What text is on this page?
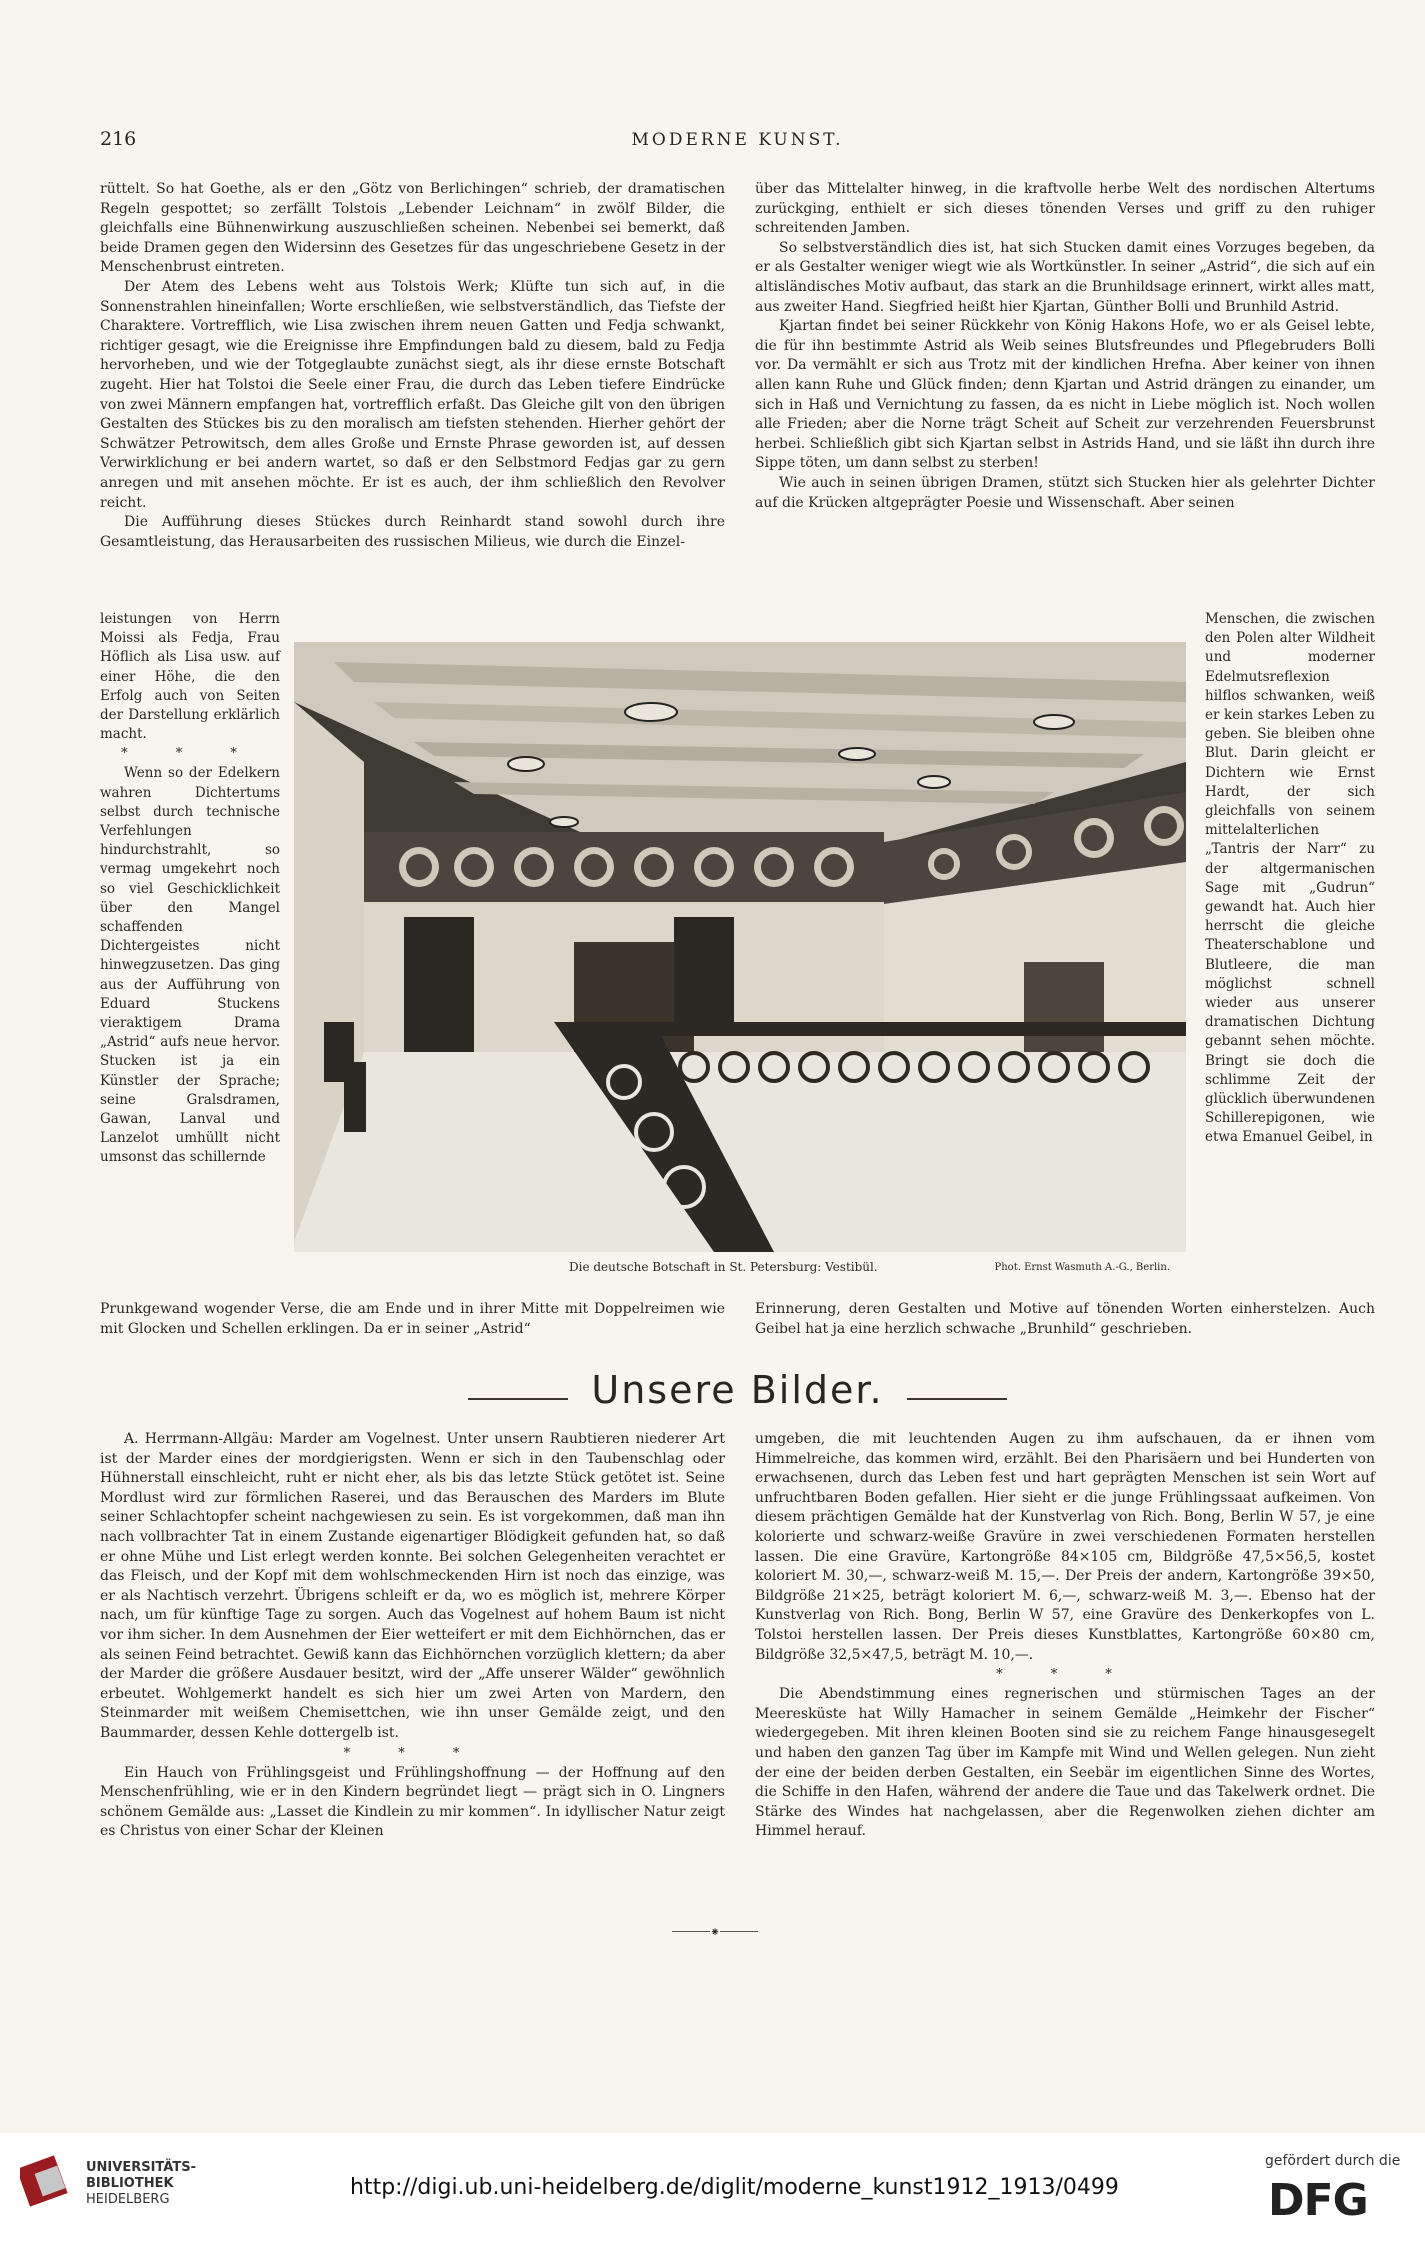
216	MODERNE KUNST.

rüttelt. So hat Goethe, als er den „Götz von Berlichingen“ schrieb, der dramatischen Regeln gespottet; so zerfällt Tolstois „Lebender Leichnam“ in zwölf Bilder, die gleichfalls eine Bühnenwirkung auszuschließen scheinen. Nebenbei sei bemerkt, daß beide Dramen gegen den Widersinn des Gesetzes für das ungeschriebene Gesetz in der Menschenbrust eintreten.

Der Atem des Lebens weht aus Tolstois Werk; Klüfte tun sich auf, in die Sonnenstrahlen hineinfallen; Worte erschließen, wie selbstverständlich, das Tiefste der Charaktere. Vortrefflich, wie Lisa zwischen ihrem neuen Gatten und Fedja schwankt, richtiger gesagt, wie die Ereignisse ihre Empfindungen bald zu diesem, bald zu Fedja hervorheben, und wie der Totgeglaubte zunächst siegt, als ihr diese ernste Botschaft zugeht. Hier hat Tolstoi die Seele einer Frau, die durch das Leben tiefere Eindrücke von zwei Männern empfangen hat, vortrefflich erfaßt. Das Gleiche gilt von den übrigen Gestalten des Stückes bis zu den moralisch am tiefsten stehenden. Hierher gehört der Schwätzer Petrowitsch, dem alles Große und Ernste Phrase geworden ist, auf dessen Verwirklichung er bei andern wartet, so daß er den Selbstmord Fedjas gar zu gern anregen und mit ansehen möchte. Er ist es auch, der ihm schließlich den Revolver reicht.

Die Aufführung dieses Stückes durch Reinhardt stand sowohl durch ihre Gesamtleistung, das Herausarbeiten des russischen Milieus, wie durch die Einzel-

über das Mittelalter hinweg, in die kraftvolle herbe Welt des nordischen Altertums zurückging, enthielt er sich dieses tönenden Verses und griff zu den ruhiger schreitenden Jamben.

So selbstverständlich dies ist, hat sich Stucken damit eines Vorzuges begeben, da er als Gestalter weniger wiegt wie als Wortkünstler. In seiner „Astrid“, die sich auf ein altisländisches Motiv aufbaut, das stark an die Brunhildsage erinnert, wirkt alles matt, aus zweiter Hand. Siegfried heißt hier Kjartan, Günther Bolli und Brunhild Astrid.

Kjartan findet bei seiner Rückkehr von König Hakons Hofe, wo er als Geisel lebte, die für ihn bestimmte Astrid als Weib seines Blutsfreundes und Pflegebruders Bolli vor. Da vermählt er sich aus Trotz mit der kindlichen Hrefna. Aber keiner von ihnen allen kann Ruhe und Glück finden; denn Kjartan und Astrid drängen zu einander, um sich in Haß und Vernichtung zu fassen, da es nicht in Liebe möglich ist. Noch wollen alle Frieden; aber die Norne trägt Scheit auf Scheit zur verzehrenden Feuersbrunst herbei. Schließlich gibt sich Kjartan selbst in Astrids Hand, und sie läßt ihn durch ihre Sippe töten, um dann selbst zu sterben!

Wie auch in seinen übrigen Dramen, stützt sich Stucken hier als gelehrter Dichter auf die Krücken altgeprägter Poesie und Wissenschaft. Aber seinen

leistungen von Herrn Moissi als Fedja, Frau Höflich als Lisa usw. auf einer Höhe, die den Erfolg auch von Seiten der Darstellung erklärlich macht.

* * *

Wenn so der Edelkern wahren Dichtertums selbst durch technische Verfehlungen hindurchstrahlt, so vermag umgekehrt noch so viel Geschicklichkeit über den Mangel schaffenden Dichtergeistes nicht hinwegzusetzen. Das ging aus der Aufführung von Eduard Stuckens vieraktigem Drama „Astrid“ aufs neue hervor. Stucken ist ja ein Künstler der Sprache; seine Gralsdramen, Gawan, Lanval und Lanzelot umhüllt nicht umsonst das schillernde

Menschen, die zwischen den Polen alter Wildheit und moderner Edelmutsreflexion hilflos schwanken, weiß er kein starkes Leben zu geben. Sie bleiben ohne Blut. Darin gleicht er Dichtern wie Ernst Hardt, der sich gleichfalls von seinem mittelalterlichen „Tantris der Narr“ zu der altgermanischen Sage mit „Gudrun“ gewandt hat. Auch hier herrscht die gleiche Theaterschablone und Blutleere, die man möglichst schnell wieder aus unserer dramatischen Dichtung gebannt sehen möchte. Bringt sie doch die schlimme Zeit der glücklich überwundenen Schillerepigonen, wie etwa Emanuel Geibel, in

Die deutsche Botschaft in St. Petersburg: Vestibül.	Phot. Ernst Wasmuth A.-G., Berlin.

Prunkgewand wogender Verse, die am Ende und in ihrer Mitte mit Doppelreimen wie mit Glocken und Schellen erklingen. Da er in seiner „Astrid“

Erinnerung, deren Gestalten und Motive auf tönenden Worten einherstelzen. Auch Geibel hat ja eine herzlich schwache „Brunhild“ geschrieben.

Unsere Bilder.

A. Herrmann-Allgäu: Marder am Vogelnest. Unter unsern Raubtieren niederer Art ist der Marder eines der mordgierigsten. Wenn er sich in den Taubenschlag oder Hühnerstall einschleicht, ruht er nicht eher, als bis das letzte Stück getötet ist. Seine Mordlust wird zur förmlichen Raserei, und das Berauschen des Marders im Blute seiner Schlachtopfer scheint nachgewiesen zu sein. Es ist vorgekommen, daß man ihn nach vollbrachter Tat in einem Zustande eigenartiger Blödigkeit gefunden hat, so daß er ohne Mühe und List erlegt werden konnte. Bei solchen Gelegenheiten verachtet er das Fleisch, und der Kopf mit dem wohlschmeckenden Hirn ist noch das einzige, was er als Nachtisch verzehrt. Übrigens schleift er da, wo es möglich ist, mehrere Körper nach, um für künftige Tage zu sorgen. Auch das Vogelnest auf hohem Baum ist nicht vor ihm sicher. In dem Ausnehmen der Eier wetteifert er mit dem Eichhörnchen, das er als seinen Feind betrachtet. Gewiß kann das Eichhörnchen vorzüglich klettern; da aber der Marder die größere Ausdauer besitzt, wird der „Affe unserer Wälder“ gewöhnlich erbeutet. Wohlgemerkt handelt es sich hier um zwei Arten von Mardern, den Steinmarder mit weißem Chemisettchen, wie ihn unser Gemälde zeigt, und den Baummarder, dessen Kehle dottergelb ist.

* * *

Ein Hauch von Frühlingsgeist und Frühlingshoffnung — der Hoffnung auf den Menschenfrühling, wie er in den Kindern begründet liegt — prägt sich in O. Lingners schönem Gemälde aus: „Lasset die Kindlein zu mir kommen“. In idyllischer Natur zeigt es Christus von einer Schar der Kleinen

umgeben, die mit leuchtenden Augen zu ihm aufschauen, da er ihnen vom Himmelreiche, das kommen wird, erzählt. Bei den Pharisäern und bei Hunderten von erwachsenen, durch das Leben fest und hart geprägten Menschen ist sein Wort auf unfruchtbaren Boden gefallen. Hier sieht er die junge Frühlingssaat aufkeimen. Von diesem prächtigen Gemälde hat der Kunstverlag von Rich. Bong, Berlin W 57, je eine kolorierte und schwarz-weiße Gravüre in zwei verschiedenen Formaten herstellen lassen. Die eine Gravüre, Kartongröße 84×105 cm, Bildgröße 47,5×56,5, kostet koloriert M. 30,—, schwarz-weiß M. 15,—. Der Preis der andern, Kartongröße 39×50, Bildgröße 21×25, beträgt koloriert M. 6,—, schwarz-weiß M. 3,—. Ebenso hat der Kunstverlag von Rich. Bong, Berlin W 57, eine Gravüre des Denkerkopfes von L. Tolstoi herstellen lassen. Der Preis dieses Kunstblattes, Kartongröße 60×80 cm, Bildgröße 32,5×47,5, beträgt M. 10,—.

* * *

Die Abendstimmung eines regnerischen und stürmischen Tages an der Meeresküste hat Willy Hamacher in seinem Gemälde „Heimkehr der Fischer“ wiedergegeben. Mit ihren kleinen Booten sind sie zu reichem Fange hinausgesegelt und haben den ganzen Tag über im Kampfe mit Wind und Wellen gelegen. Nun zieht der eine der beiden derben Gestalten, ein Seebär im eigentlichen Sinne des Wortes, die Schiffe in den Hafen, während der andere die Taue und das Takelwerk ordnet. Die Stärke des Windes hat nachgelassen, aber die Regenwolken ziehen dichter am Himmel herauf.

⁕
UNIVERSITÄTS-
BIBLIOTHEK
HEIDELBERG	http://digi.ub.uni-heidelberg.de/diglit/moderne_kunst1912_1913/0499
gefördert durch die
DFG
